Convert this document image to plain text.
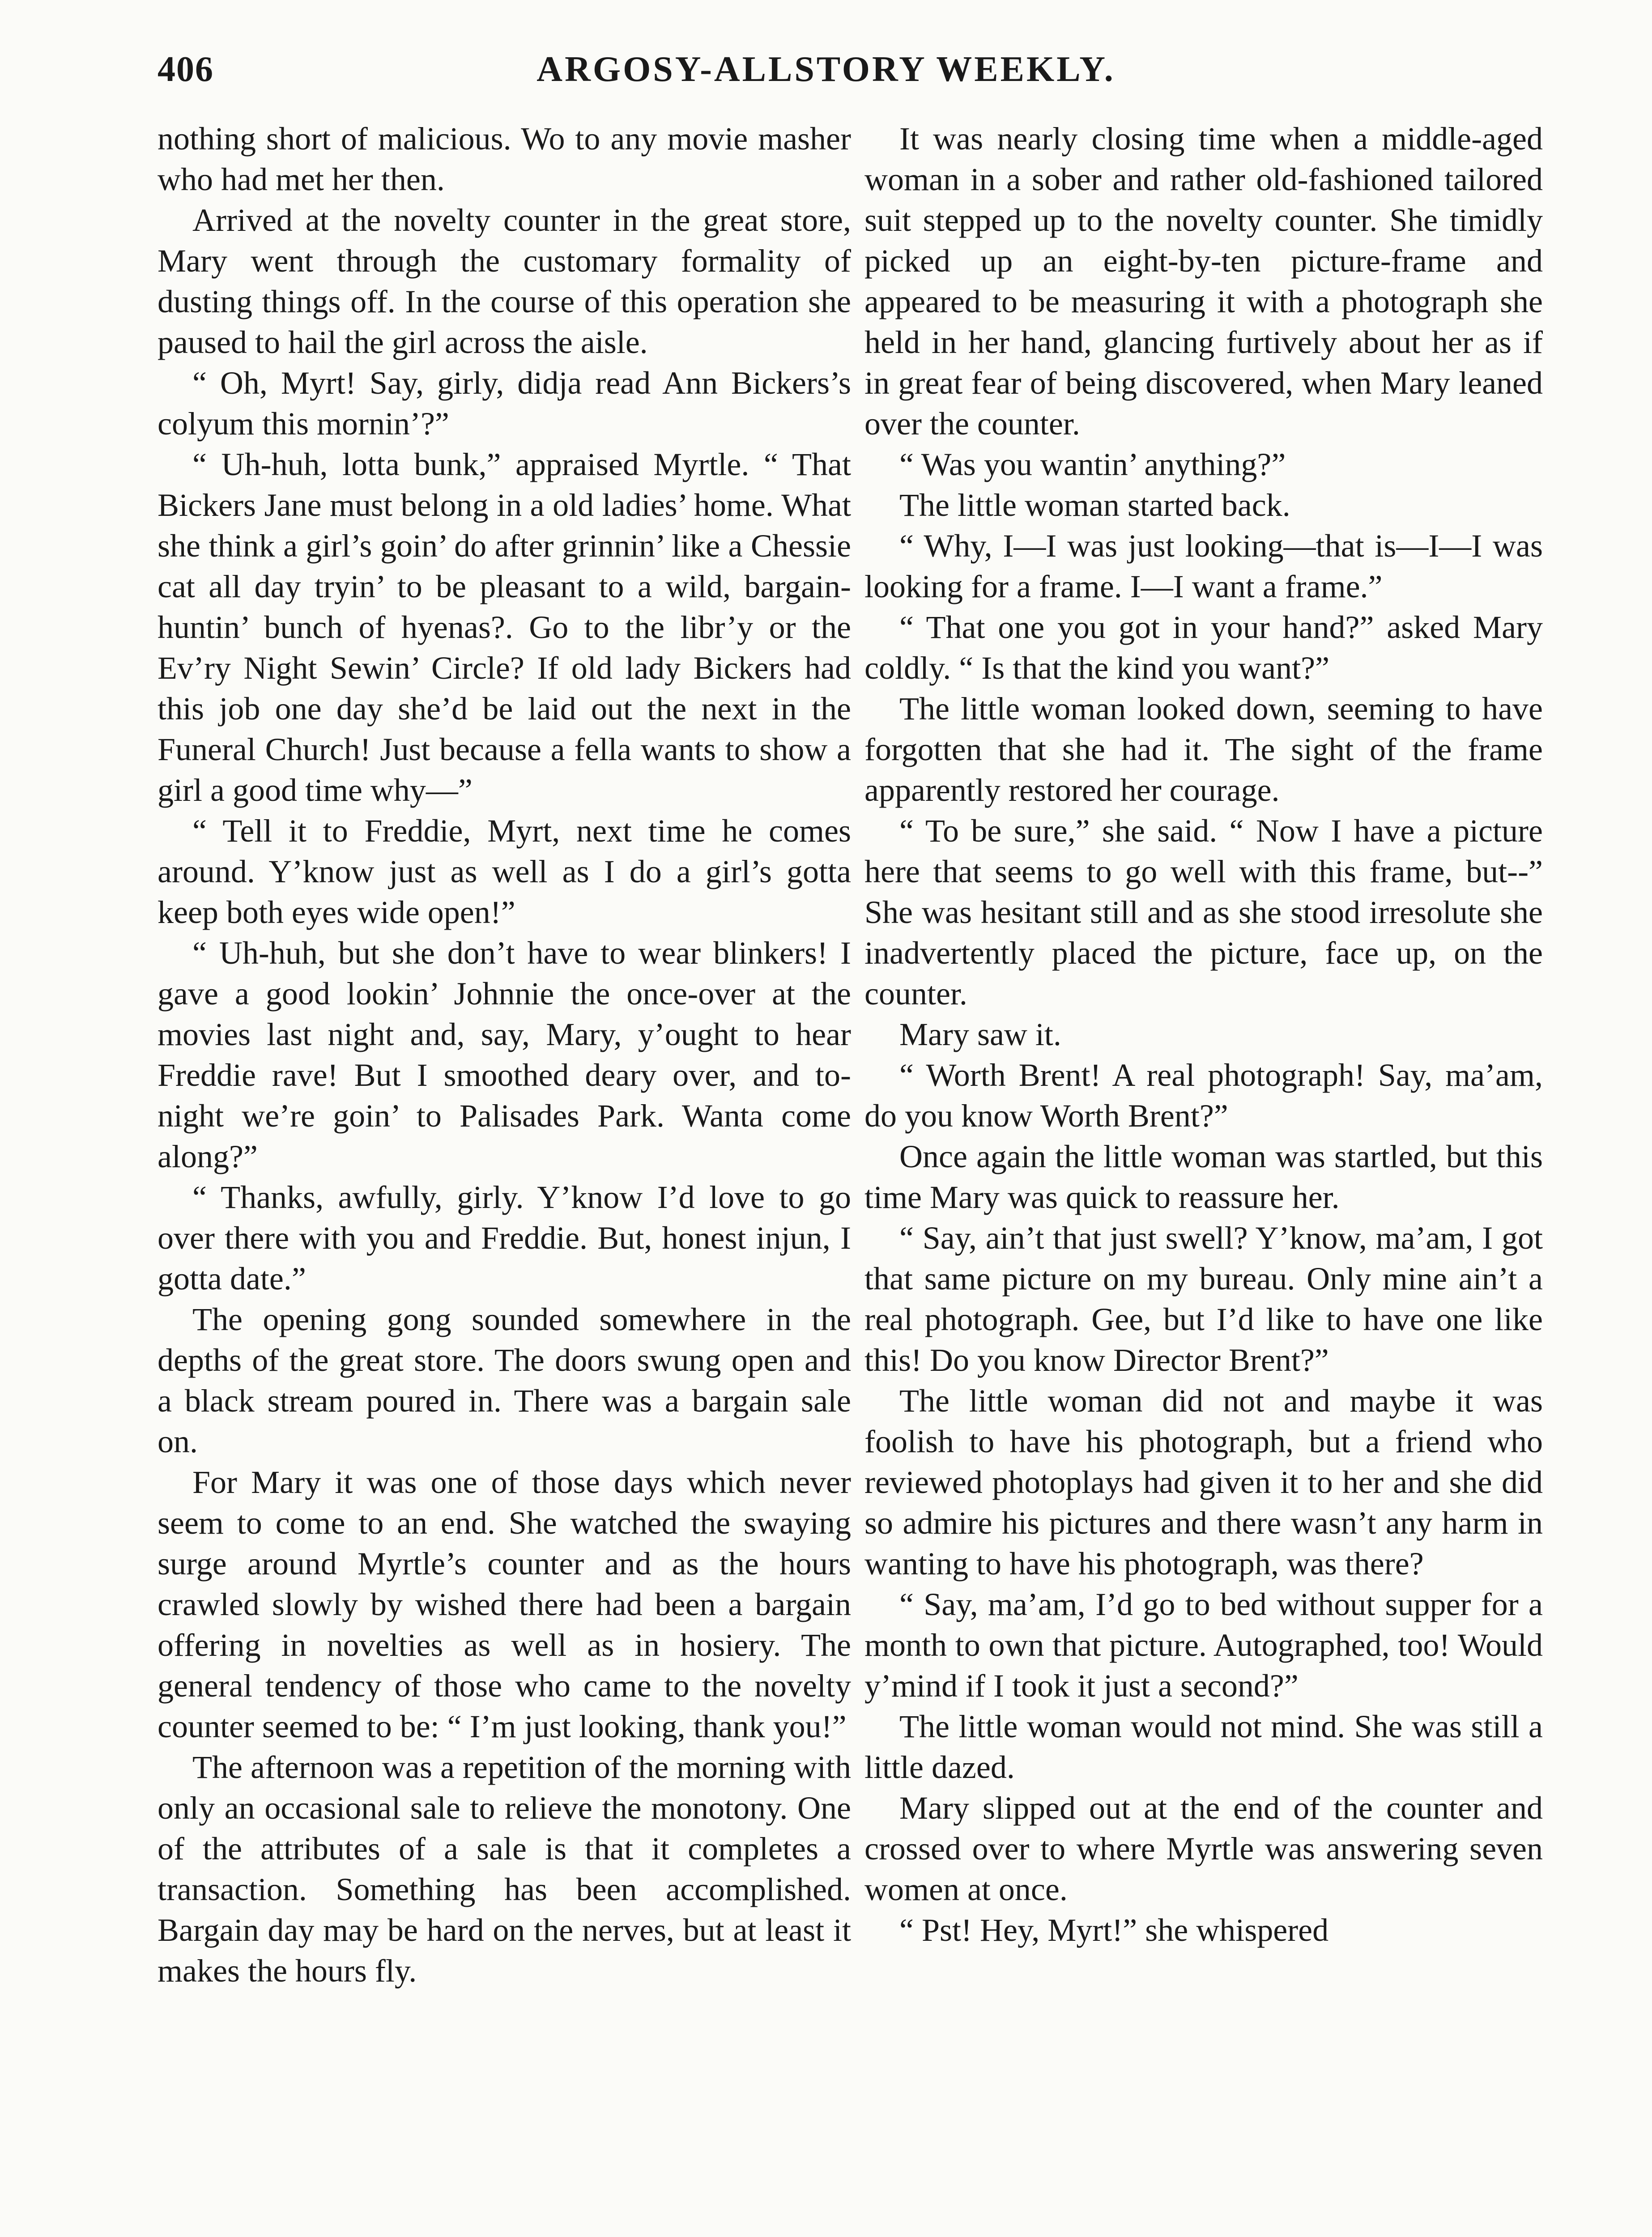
406	ARGOSY-ALLSTORY WEEKLY.

nothing short of malicious. Wo to any movie masher who had met her then.

Arrived at the novelty counter in the great store, Mary went through the customary formality of dusting things off. In the course of this operation she paused to hail the girl across the aisle.

“ Oh, Myrt! Say, girly, didja read Ann Bickers’s colyum this mornin’?”

“ Uh-huh, lotta bunk,” appraised Myrtle. “ That Bickers Jane must belong in a old ladies’ home. What she think a girl’s goin’ do after grinnin’ like a Chessie cat all day tryin’ to be pleasant to a wild, bargain-huntin’ bunch of hyenas?. Go to the libr’y or the Ev’ry Night Sewin’ Circle? If old lady Bickers had this job one day she’d be laid out the next in the Funeral Church! Just because a fella wants to show a girl a good time why—”

“ Tell it to Freddie, Myrt, next time he comes around. Y’know just as well as I do a girl’s gotta keep both eyes wide open!”

“ Uh-huh, but she don’t have to wear blinkers! I gave a good lookin’ Johnnie the once-over at the movies last night and, say, Mary, y’ought to hear Freddie rave! But I smoothed deary over, and to-night we’re goin’ to Palisades Park. Wanta come along?”

“ Thanks, awfully, girly. Y’know I’d love to go over there with you and Freddie. But, honest injun, I gotta date.”

The opening gong sounded somewhere in the depths of the great store. The doors swung open and a black stream poured in. There was a bargain sale on.

For Mary it was one of those days which never seem to come to an end. She watched the swaying surge around Myrtle’s counter and as the hours crawled slowly by wished there had been a bargain offering in novelties as well as in hosiery. The general tendency of those who came to the novelty counter seemed to be: “ I’m just looking, thank you!”

The afternoon was a repetition of the morning with only an occasional sale to relieve the monotony. One of the attributes of a sale is that it completes a transaction. Something has been accomplished. Bargain day may be hard on the nerves, but at least it makes the hours fly.

It was nearly closing time when a middle-aged woman in a sober and rather old-fashioned tailored suit stepped up to the novelty counter. She timidly picked up an eight-by-ten picture-frame and appeared to be measuring it with a photograph she held in her hand, glancing furtively about her as if in great fear of being discovered, when Mary leaned over the counter.

“ Was you wantin’ anything?”

The little woman started back.

“ Why, I—I was just looking—that is—I—I was looking for a frame. I—I want a frame.”

“ That one you got in your hand?” asked Mary coldly. “ Is that the kind you want?”

The little woman looked down, seeming to have forgotten that she had it. The sight of the frame apparently restored her courage.

“ To be sure,” she said. “ Now I have a picture here that seems to go well with this frame, but--” She was hesitant still and as she stood irresolute she inadvertently placed the picture, face up, on the counter.

Mary saw it.

“ Worth Brent! A real photograph! Say, ma’am, do you know Worth Brent?”

Once again the little woman was startled, but this time Mary was quick to reassure her.

“ Say, ain’t that just swell? Y’know, ma’am, I got that same picture on my bureau. Only mine ain’t a real photograph. Gee, but I’d like to have one like this! Do you know Director Brent?”

The little woman did not and maybe it was foolish to have his photograph, but a friend who reviewed photoplays had given it to her and she did so admire his pictures and there wasn’t any harm in wanting to have his photograph, was there?

“ Say, ma’am, I’d go to bed without supper for a month to own that picture. Autographed, too! Would y’mind if I took it just a second?”

The little woman would not mind. She was still a little dazed.

Mary slipped out at the end of the counter and crossed over to where Myrtle was answering seven women at once.

“ Pst! Hey, Myrt!” she whispered
